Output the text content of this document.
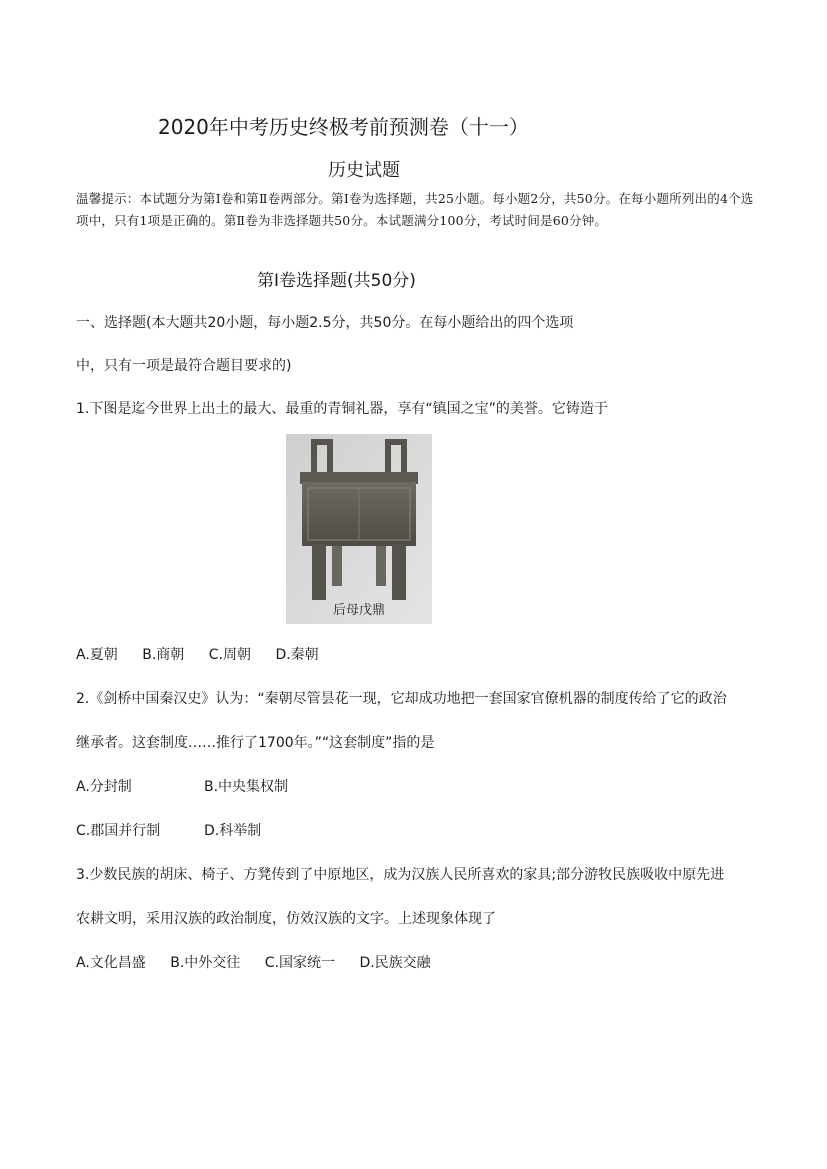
2020年中考历史终极考前预测卷（十一）
历史试题
温馨提示：本试题分为第Ⅰ卷和第Ⅱ卷两部分。第Ⅰ卷为选择题，共25小题。每小题2分，共50分。在每小题所列出的4个选项中，只有1项是正确的。第Ⅱ卷为非选择题共50分。本试题满分100分，考试时间是60分钟。
第Ⅰ卷选择题(共50分)
一、选择题(本大题共20小题，每小题2.5分，共50分。在每小题给出的四个选项
中，只有一项是最符合题目要求的)
1.下图是迄今世界上出土的最大、最重的青铜礼器，享有“镇国之宝”的美誉。它铸造于
后母戊鼎
A.夏朝 B.商朝 C.周朝 D.秦朝
2.《剑桥中国秦汉史》认为：“秦朝尽管昙花一现，它却成功地把一套国家官僚机器的制度传给了它的政治
继承者。这套制度……推行了1700年。”“这套制度”指的是
A.分封制	B.中央集权制
C.郡国并行制	D.科举制
3.少数民族的胡床、椅子、方凳传到了中原地区，成为汉族人民所喜欢的家具;部分游牧民族吸收中原先进
农耕文明，采用汉族的政治制度，仿效汉族的文字。上述现象体现了
A.文化昌盛 B.中外交往 C.国家统一 D.民族交融
